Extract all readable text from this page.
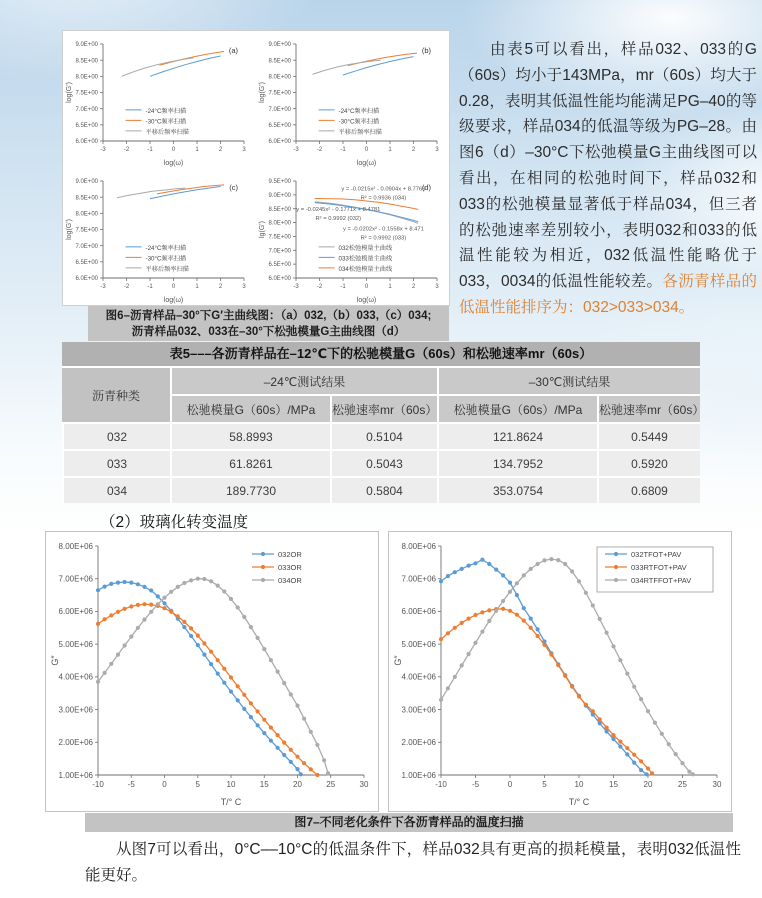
6.0E+00
6.5E+00
7.0E+00
7.5E+00
8.0E+00
8.5E+00
9.0E+00
-3	-2	-1	0	1	2	3
log(ω)
log(G')
(a)
-24°C频率扫描
-30°C频率扫描
平移后频率扫描
6.0E+00
6.5E+00
7.0E+00
7.5E+00
8.0E+00
8.5E+00
9.0E+00
-3	-2	-1	0	1	2	3
log(ω)
log(G')
(b)
-24°C频率扫描
-30°C频率扫描
平移后频率扫描
6.0E+00
6.5E+00
7.0E+00
7.5E+00
8.0E+00
8.5E+00
9.0E+00
-3	-2	-1	0	1	2	3
log(ω)
log(G')
(c)
-24°C频率扫描
-30°C频率扫描
平移后频率扫描
6.0E+00
6.5E+00
7.0E+00
7.5E+00
8.0E+00
8.5E+00
9.0E+00
9.5E+00
-3	-2	-1	0	1	2	3
log(ω)
lg(G')
(d)
032松弛模量主曲线
033松弛模量主曲线
034松弛模量主曲线
y = -0.0215x² - 0.0904x + 8.7769
R² = 0.9936 (034)
y = -0.0245x² - 0.1771x + 8.4781
R² = 0.9992 (032)
y = -0.0202x² - 0.1558x + 8.471
R² = 0.9992 (033)
图6–沥青样品–30°下G′主曲线图：（a）032,（b）033,（c）034;
沥青样品032、033在–30°下松弛模量G主曲线图（d）
由表5可以看出，样品032、033的G（60s）均小于143MPa，mr（60s）均大于0.28，表明其低温性能均能满足PG–40的等级要求，样品034的低温等级为PG–28。由图6（d）–30°C下松弛模量G主曲线图可以看出，在相同的松弛时间下，样品032和033的松弛模量显著低于样品034，但三者的松弛速率差别较小，表明032和033的低温性能较为相近，032低温性能略优于033，0034的低温性能较差。各沥青样品的低温性能排序为：032>033>034。
表5–––各沥青样品在–12℃下的松驰模量G（60s）和松驰速率mr（60s）
沥青种类
–24℃测试结果	–30℃测试结果
松驰模量G（60s）/MPa	松驰速率mr（60s）	松驰模量G（60s）/MPa	松驰速率mr（60s）
032	58.8993	0.5104	121.8624	0.5449
033	61.8261	0.5043	134.7952	0.5920
034	189.7730	0.5804	353.0754	0.6809
（2）玻璃化转变温度
1.00E+06
2.00E+06
3.00E+06
4.00E+06
5.00E+06
6.00E+06
7.00E+06
8.00E+06
-10	-5	0	5	10	15	20	25	30
T/° C
G″
032OR
033OR
034OR
1.00E+06
2.00E+06
3.00E+06
4.00E+06
5.00E+06
6.00E+06
7.00E+06
8.00E+06
-10	-5	0	5	10	15	20	25	30
T/° C
G″
032TFOT+PAV
033RTFOT+PAV
034RTFFOT+PAV
图7–不同老化条件下各沥青样品的温度扫描
从图7可以看出，0°C––10°C的低温条件下，样品032具有更高的损耗模量，表明032低温性能更好。
